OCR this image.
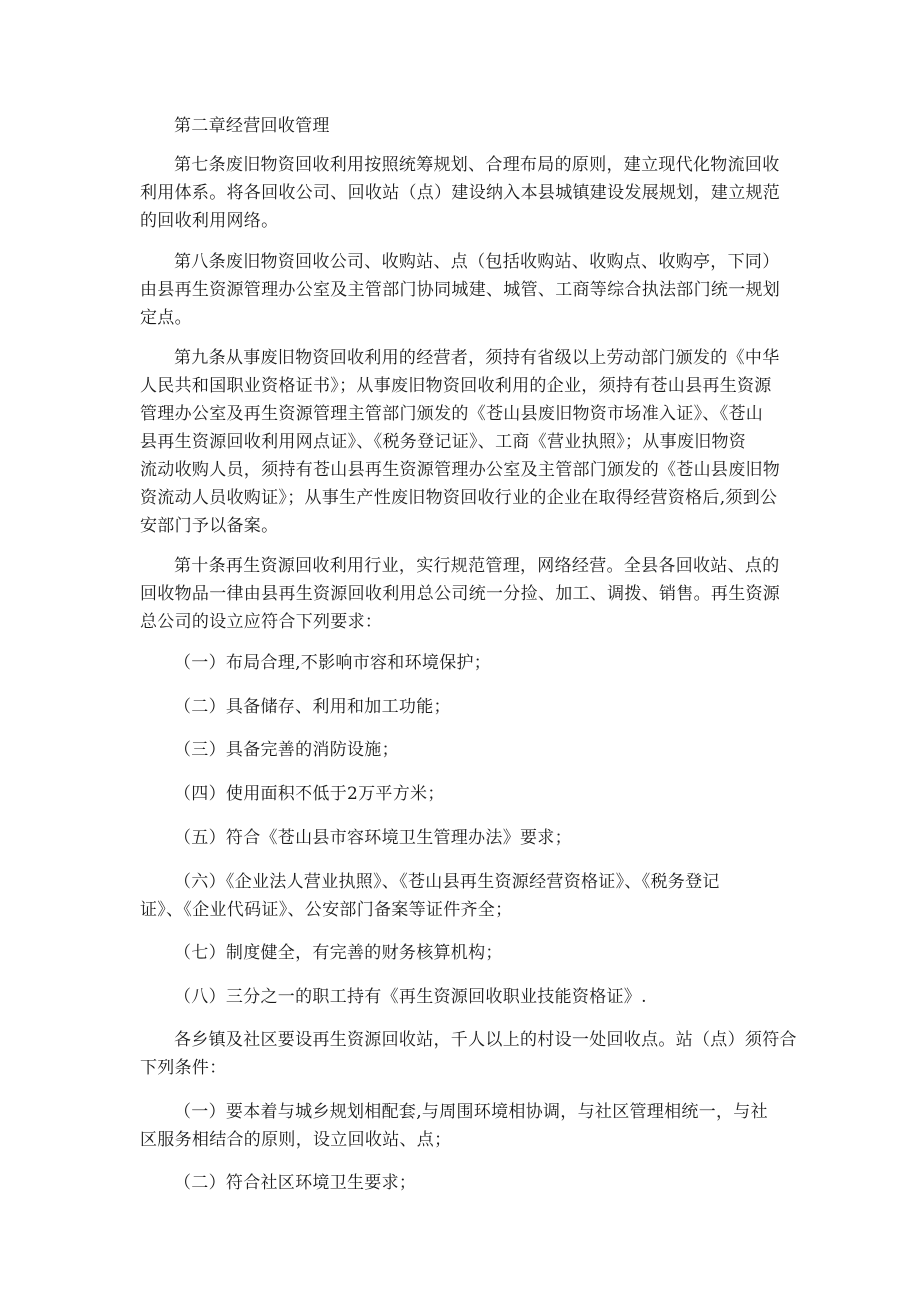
第二章经营回收管理

第七条废旧物资回收利用按照统筹规划、合理布局的原则，建立现代化物流回收

利用体系。将各回收公司、回收站（点）建设纳入本县城镇建设发展规划，建立规范

的回收利用网络。

第八条废旧物资回收公司、收购站、点（包括收购站、收购点、收购亭，下同）

由县再生资源管理办公室及主管部门协同城建、城管、工商等综合执法部门统一规划

定点。

第九条从事废旧物资回收利用的经营者，须持有省级以上劳动部门颁发的《中华

人民共和国职业资格证书》；从事废旧物资回收利用的企业，须持有苍山县再生资源

管理办公室及再生资源管理主管部门颁发的《苍山县废旧物资市场准入证》、《苍山

县再生资源回收利用网点证》、《税务登记证》、工商《营业执照》；从事废旧物资

流动收购人员，须持有苍山县再生资源管理办公室及主管部门颁发的《苍山县废旧物

资流动人员收购证》；从事生产性废旧物资回收行业的企业在取得经营资格后,须到公

安部门予以备案。

第十条再生资源回收利用行业，实行规范管理，网络经营。全县各回收站、点的

回收物品一律由县再生资源回收利用总公司统一分捡、加工、调拨、销售。再生资源

总公司的设立应符合下列要求：

（一）布局合理,不影响市容和环境保护；

（二）具备储存、利用和加工功能；

（三）具备完善的消防设施；

（四）使用面积不低于2万平方米；

（五）符合《苍山县市容环境卫生管理办法》要求；

（六）《企业法人营业执照》、《苍山县再生资源经营资格证》、《税务登记

证》、《企业代码证》、公安部门备案等证件齐全；

（七）制度健全，有完善的财务核算机构；

（八）三分之一的职工持有《再生资源回收职业技能资格证》.

各乡镇及社区要设再生资源回收站，千人以上的村设一处回收点。站（点）须符合

下列条件：

（一）要本着与城乡规划相配套,与周围环境相协调，与社区管理相统一，与社

区服务相结合的原则，设立回收站、点；

（二）符合社区环境卫生要求；
